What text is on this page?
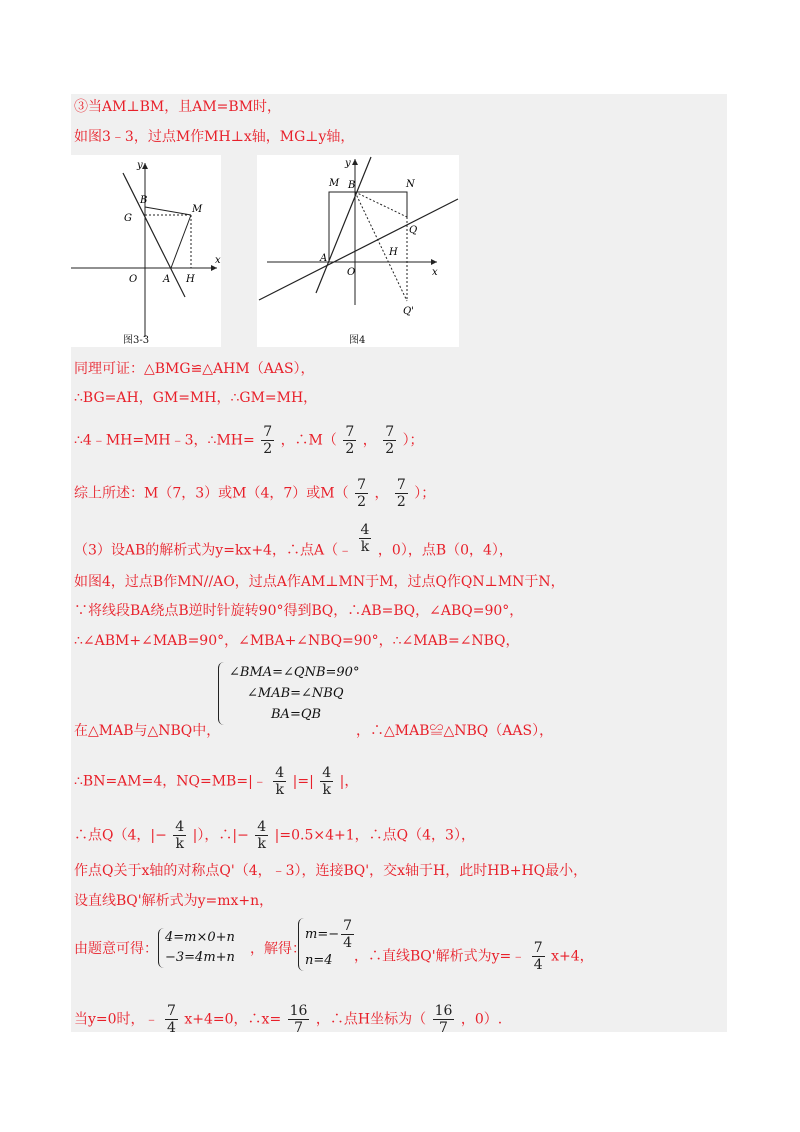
③当AM⊥BM，且AM=BM时，
如图3﹣3，过点M作MH⊥x轴，MG⊥y轴，
y
x
O	A H
B
G
M
图3-3
y
x
O
A
B
M	N
Q
H
Q'
图4
同理可证：△BMG≌△AHM（AAS），
∴BG=AH，GM=MH，∴GM=MH，
∴4﹣MH=MH﹣3，∴MH= $\frac{7}{2}$ ，∴M（ $\frac{7}{2}$ ， $\frac{7}{2}$ ）；
综上所述：M（7，3）或M（4，7）或$M( \frac{7}{2}$ ， $\frac{7}{2}$ ）；
（3）设AB的解析式为y=kx+4，∴点A（﹣ $\frac{4}{k}$ ，0），点B（0，4），
如图4，过点B作MN//AO，过点A作AM⊥MN于M，过点Q作QN⊥MN于N，
∵将线段BA绕点B逆时针旋转90°得到BQ，∴AB=BQ，∠ABQ=90°，
∴∠ABM+∠MAB=90°，∠MBA+∠NBQ=90°，∴∠MAB=∠NBQ，
在△MAB与△NBQ中，
∠BMA=∠QNB=90°
∠MAB=∠NBQ
BA=QB
，∴△MAB≌△NBQ（AAS），
∴BN=AM=4，NQ=MB=|﹣ $\frac{4}{k}$ |=| $\frac{4}{k}$ |，
∴点Q（4，|− $\frac{4}{k}$ |），∴|− $\frac{4}{k} |=0.5\times 4+1$，∴点Q（4，3），
作点Q关于x轴的对称点Q'（4，﹣3），连接BQ'，交x轴于H，此时HB+HQ最小，
设直线BQ'解析式为y=mx+n，
由题意可得：
4=m×0+n
−3=4m+n
，解得：
$m=- \frac{7}{4}$
n=4	，∴直线BQ'解析式为y=﹣ $\frac{7}{4} x+4$，
当y=0时，﹣ $\frac{7}{4} x+4=0$，∴x= $\frac{16}{7}$ ，∴点H坐标为（ $\frac{16}{7}$ ，0）.
